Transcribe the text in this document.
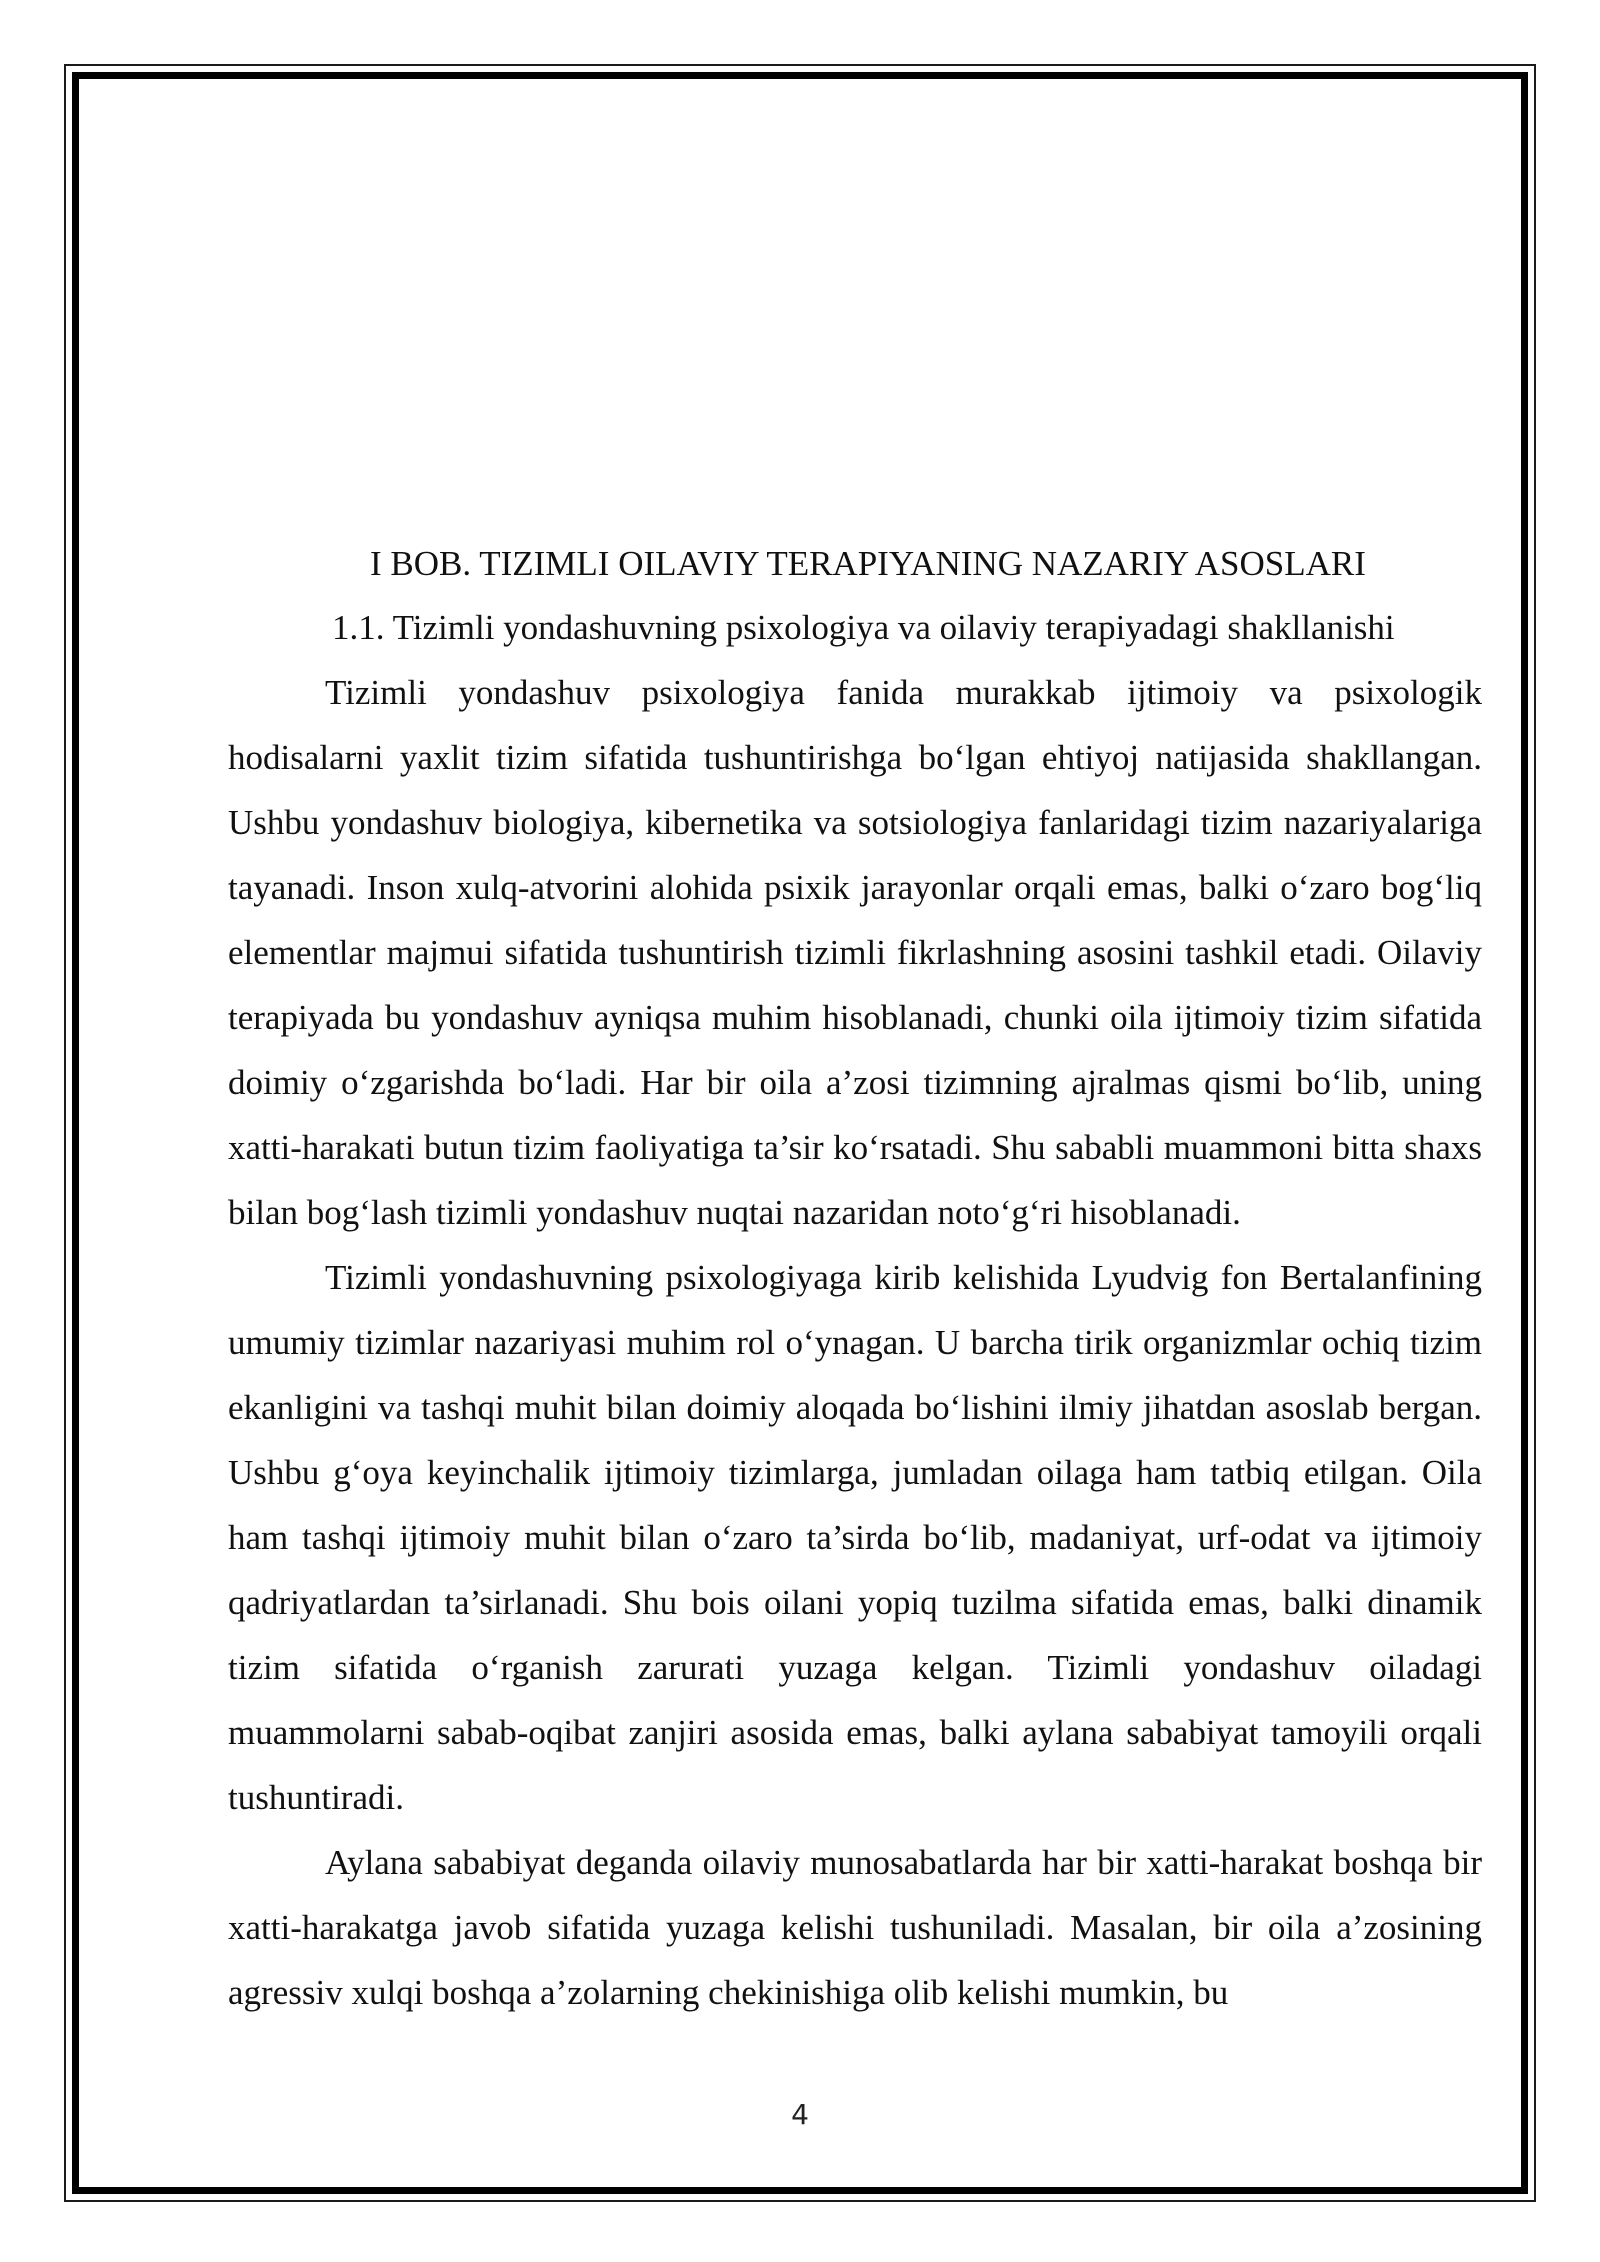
I BOB. TIZIMLI OILAVIY TERAPIYANING NAZARIY ASOSLARI

1.1. Tizimli yondashuvning psixologiya va oilaviy terapiyadagi shakllanishi

Tizimli yondashuv psixologiya fanida murakkab ijtimoiy va psixologik hodisalarni yaxlit tizim sifatida tushuntirishga bo‘lgan ehtiyoj natijasida shakllangan. Ushbu yondashuv biologiya, kibernetika va sotsiologiya fanlaridagi tizim nazariyalariga tayanadi. Inson xulq-atvorini alohida psixik jarayonlar orqali emas, balki o‘zaro bog‘liq elementlar majmui sifatida tushuntirish tizimli fikrlashning asosini tashkil etadi. Oilaviy terapiyada bu yondashuv ayniqsa muhim hisoblanadi, chunki oila ijtimoiy tizim sifatida doimiy o‘zgarishda bo‘ladi. Har bir oila a’zosi tizimning ajralmas qismi bo‘lib, uning xatti-harakati butun tizim faoliyatiga ta’sir ko‘rsatadi. Shu sababli muammoni bitta shaxs bilan bog‘lash tizimli yondashuv nuqtai nazaridan noto‘g‘ri hisoblanadi.

Tizimli yondashuvning psixologiyaga kirib kelishida Lyudvig fon Bertalanfining umumiy tizimlar nazariyasi muhim rol o‘ynagan. U barcha tirik organizmlar ochiq tizim ekanligini va tashqi muhit bilan doimiy aloqada bo‘lishini ilmiy jihatdan asoslab bergan. Ushbu g‘oya keyinchalik ijtimoiy tizimlarga, jumladan oilaga ham tatbiq etilgan. Oila ham tashqi ijtimoiy muhit bilan o‘zaro ta’sirda bo‘lib, madaniyat, urf-odat va ijtimoiy qadriyatlardan ta’sirlanadi. Shu bois oilani yopiq tuzilma sifatida emas, balki dinamik tizim sifatida o‘rganish zarurati yuzaga kelgan. Tizimli yondashuv oiladagi muammolarni sabab-oqibat zanjiri asosida emas, balki aylana sababiyat tamoyili orqali tushuntiradi.

Aylana sababiyat deganda oilaviy munosabatlarda har bir xatti-harakat boshqa bir xatti-harakatga javob sifatida yuzaga kelishi tushuniladi. Masalan, bir oila a’zosining agressiv xulqi boshqa a’zolarning chekinishiga olib kelishi mumkin, bu

4
